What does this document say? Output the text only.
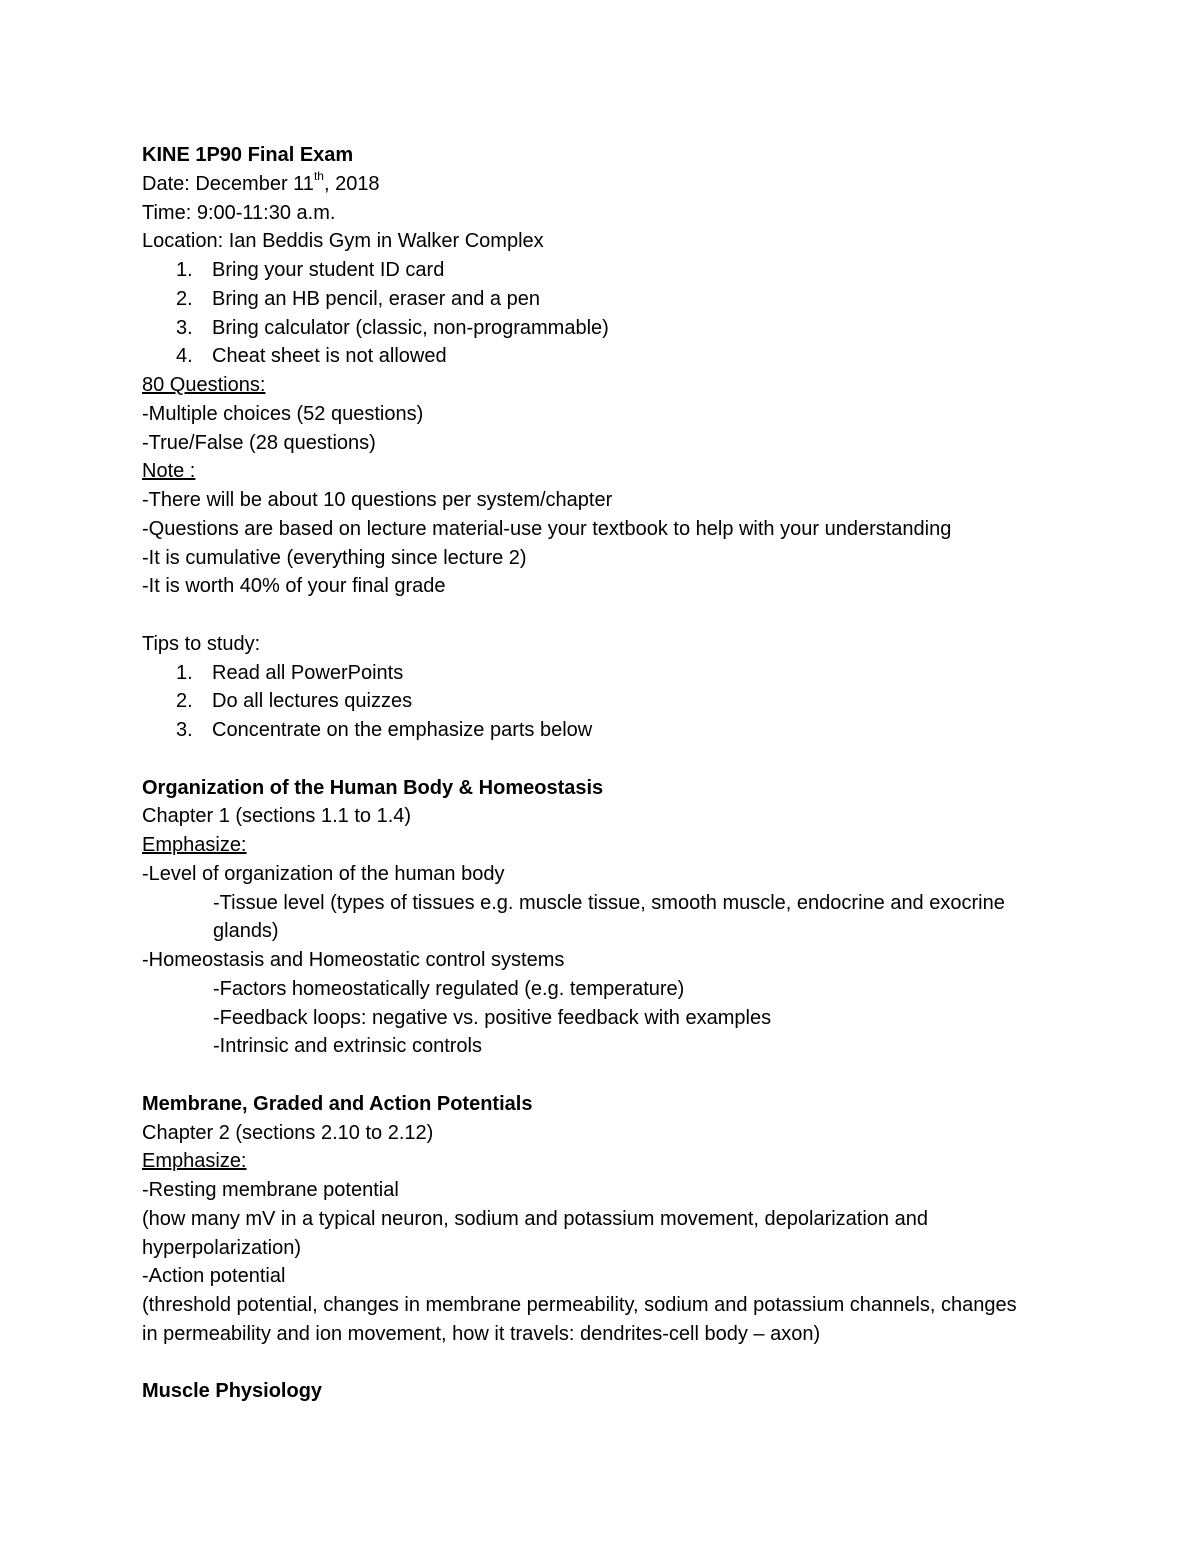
KINE 1P90 Final Exam
Date: December 11th, 2018
Time: 9:00-11:30 a.m.
Location: Ian Beddis Gym in Walker Complex
1. Bring your student ID card
2. Bring an HB pencil, eraser and a pen
3. Bring calculator (classic, non-programmable)
4. Cheat sheet is not allowed
80 Questions:
-Multiple choices (52 questions)
-True/False (28 questions)
Note :
-There will be about 10 questions per system/chapter
-Questions are based on lecture material-use your textbook to help with your understanding
-It is cumulative (everything since lecture 2)
-It is worth 40% of your final grade
Tips to study:
1. Read all PowerPoints
2. Do all lectures quizzes
3. Concentrate on the emphasize parts below
Organization of the Human Body & Homeostasis
Chapter 1 (sections 1.1 to 1.4)
Emphasize:
-Level of organization of the human body
-Tissue level (types of tissues e.g. muscle tissue, smooth muscle, endocrine and exocrine glands)
-Homeostasis and Homeostatic control systems
-Factors homeostatically regulated (e.g. temperature)
-Feedback loops: negative vs. positive feedback with examples
-Intrinsic and extrinsic controls
Membrane, Graded and Action Potentials
Chapter 2 (sections 2.10 to 2.12)
Emphasize:
-Resting membrane potential
(how many mV in a typical neuron, sodium and potassium movement, depolarization and hyperpolarization)
-Action potential
(threshold potential, changes in membrane permeability, sodium and potassium channels, changes in permeability and ion movement, how it travels: dendrites-cell body – axon)
Muscle Physiology
